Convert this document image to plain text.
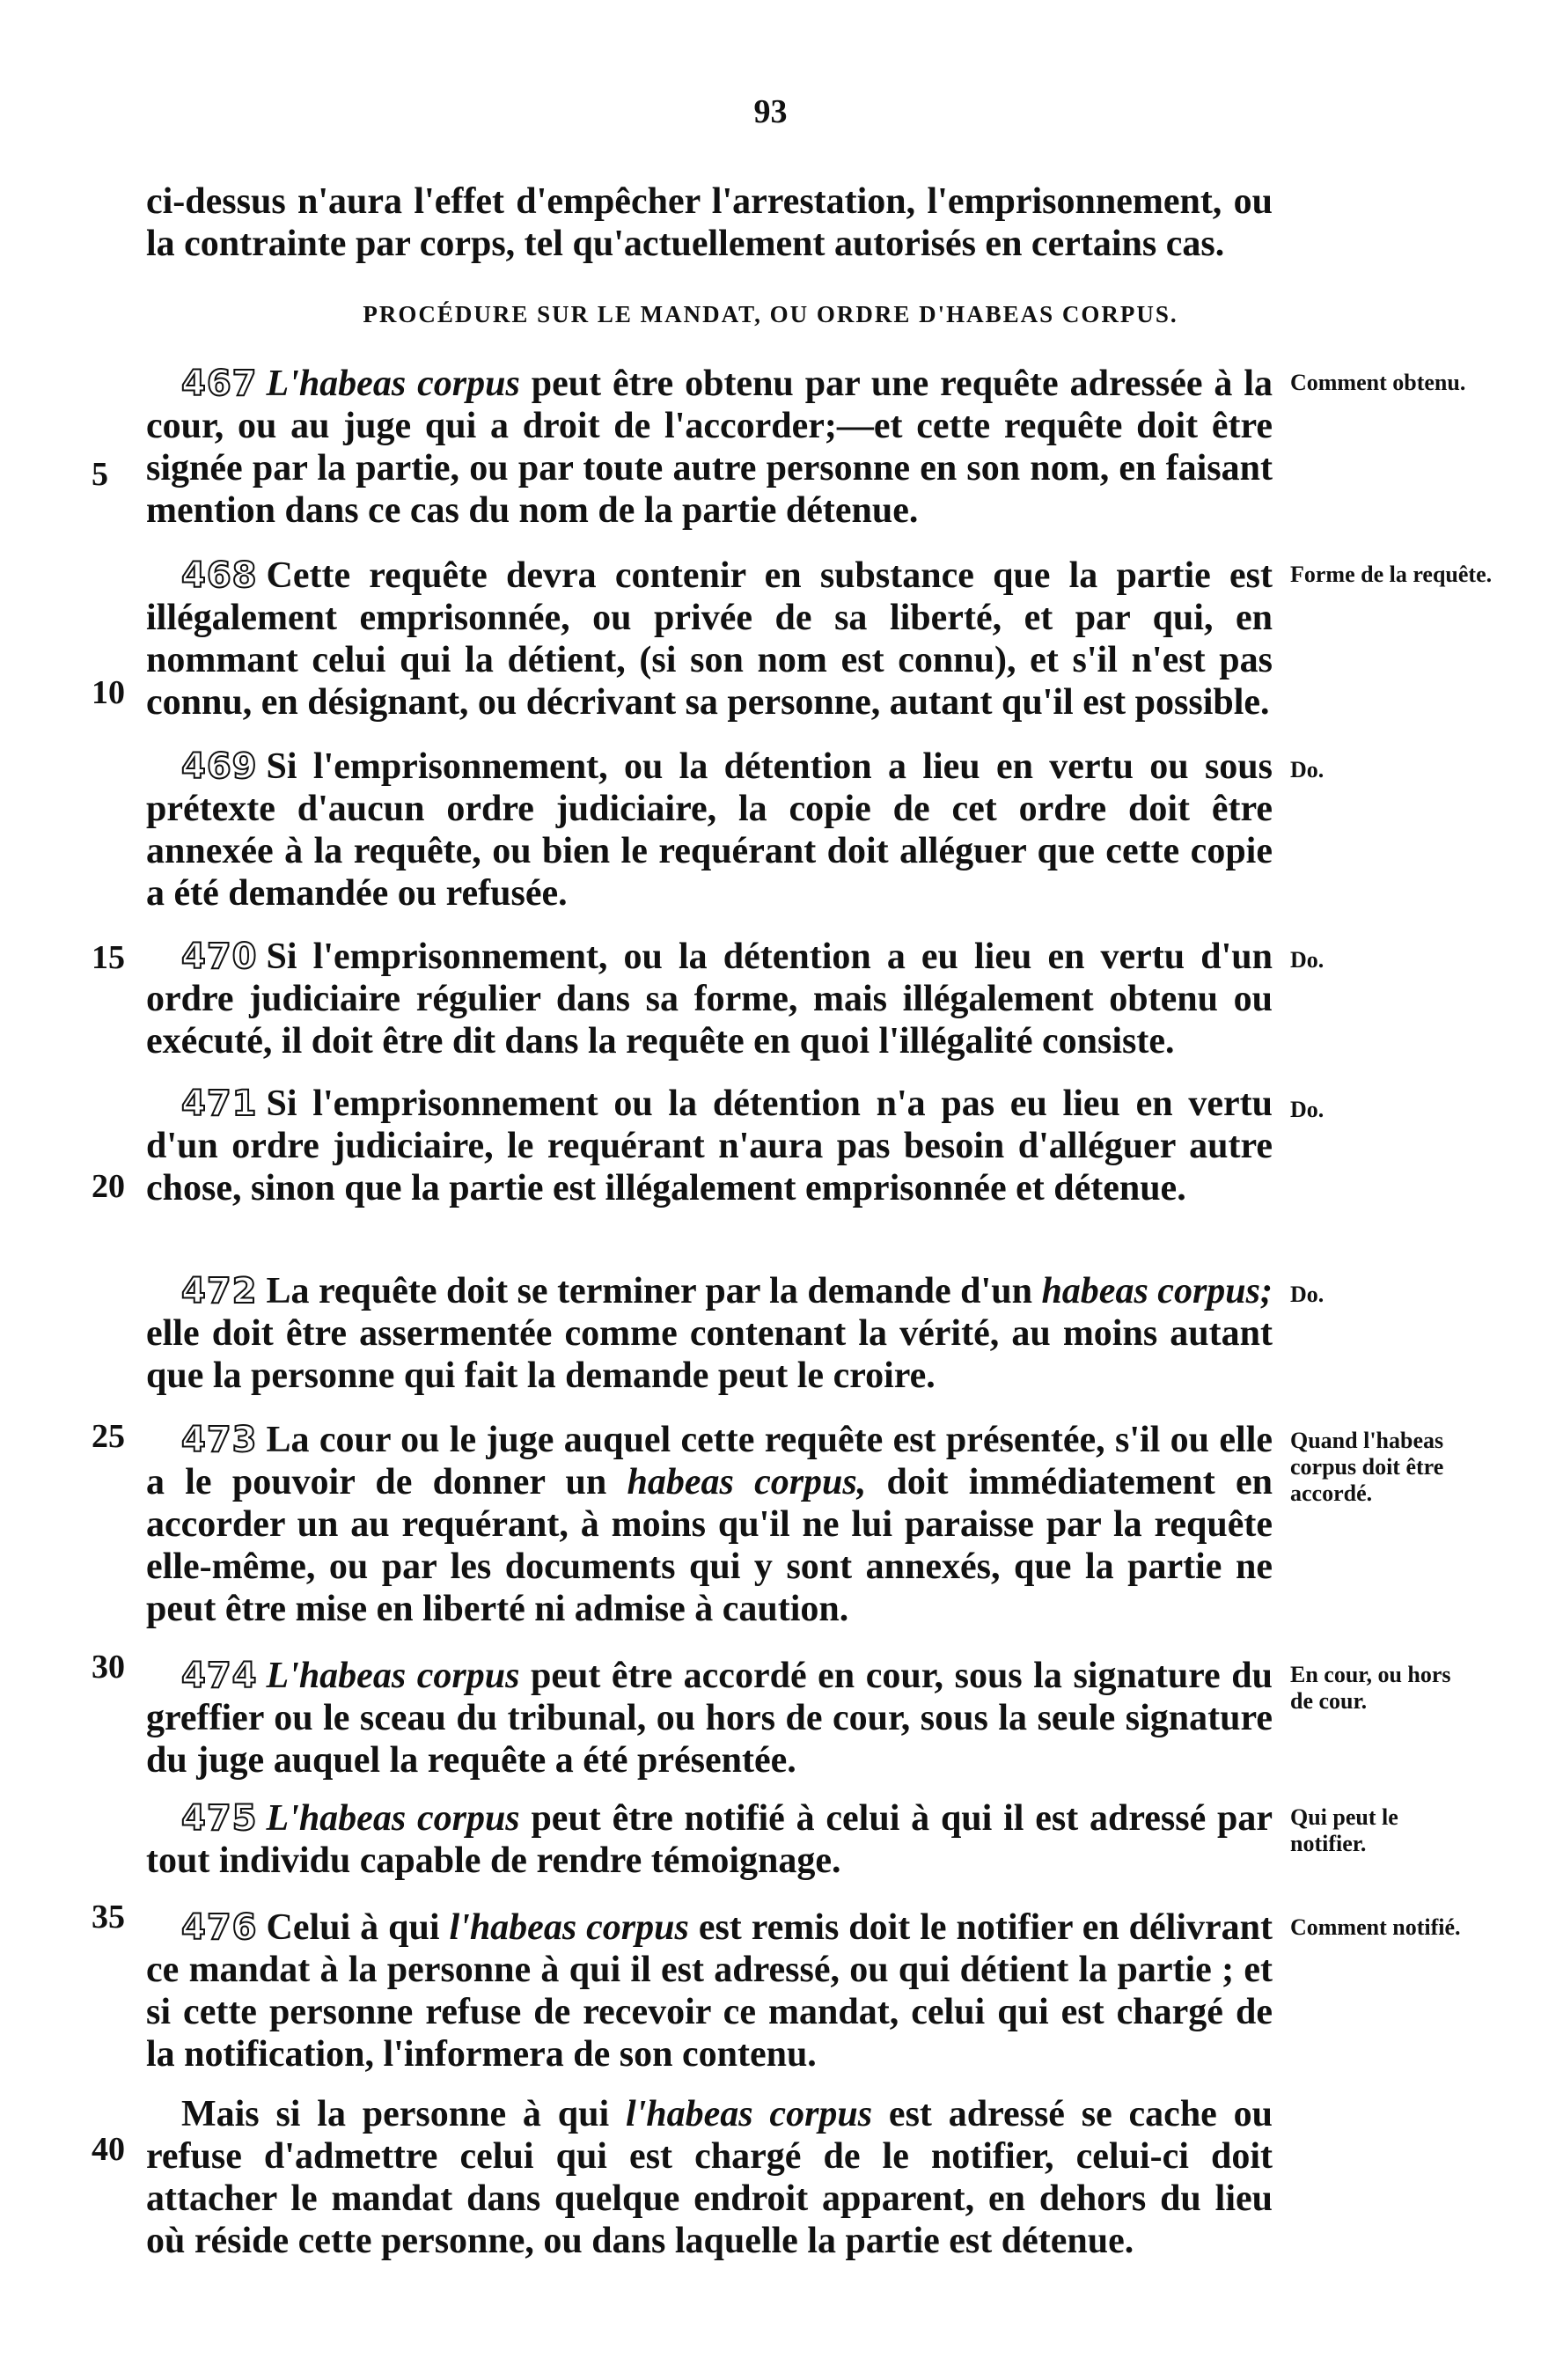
93
ci-dessus n'aura l'effet d'empêcher l'arrestation, l'emprisonnement, ou la contrainte par corps, tel qu'actuellement autorisés en certains cas.
PROCÉDURE SUR LE MANDAT, OU ORDRE D'HABEAS CORPUS.
467 L'habeas corpus peut être obtenu par une requête adressée à la cour, ou au juge qui a droit de l'accorder;—et cette requête doit être signée par la partie, ou par toute autre personne en son nom, en faisant mention dans ce cas du nom de la partie détenue.
Comment obtenu.
468 Cette requête devra contenir en substance que la partie est illégalement emprisonnée, ou privée de sa liberté, et par qui, en nommant celui qui la détient, (si son nom est connu), et s'il n'est pas connu, en désignant, ou décrivant sa personne, autant qu'il est possible.
Forme de la requête.
469 Si l'emprisonnement, ou la détention a lieu en vertu ou sous prétexte d'aucun ordre judiciaire, la copie de cet ordre doit être annexée à la requête, ou bien le requérant doit alléguer que cette copie a été demandée ou refusée.
Do.
470 Si l'emprisonnement, ou la détention a eu lieu en vertu d'un ordre judiciaire régulier dans sa forme, mais illégalement obtenu ou exécuté, il doit être dit dans la requête en quoi l'illégalité consiste.
Do.
471 Si l'emprisonnement ou la détention n'a pas eu lieu en vertu d'un ordre judiciaire, le requérant n'aura pas besoin d'alléguer autre chose, sinon que la partie est illégalement emprisonnée et détenue.
Do.
472 La requête doit se terminer par la demande d'un habeas corpus; elle doit être assermentée comme contenant la vérité, au moins autant que la personne qui fait la demande peut le croire.
Do.
473 La cour ou le juge auquel cette requête est présentée, s'il ou elle a le pouvoir de donner un habeas corpus, doit immédiatement en accorder un au requérant, à moins qu'il ne lui paraisse par la requête elle-même, ou par les documents qui y sont annexés, que la partie ne peut être mise en liberté ni admise à caution.
Quand l'habeas corpus doit être accordé.
474 L'habeas corpus peut être accordé en cour, sous la signature du greffier ou le sceau du tribunal, ou hors de cour, sous la seule signature du juge auquel la requête a été présentée.
En cour, ou hors de cour.
475 L'habeas corpus peut être notifié à celui à qui il est adressé par tout individu capable de rendre témoignage.
Qui peut le notifier.
476 Celui à qui l'habeas corpus est remis doit le notifier en délivrant ce mandat à la personne à qui il est adressé, ou qui détient la partie ; et si cette personne refuse de recevoir ce mandat, celui qui est chargé de la notification, l'informera de son contenu.
Comment notifié.
Mais si la personne à qui l'habeas corpus est adressé se cache ou refuse d'admettre celui qui est chargé de le notifier, celui-ci doit attacher le mandat dans quelque endroit apparent, en dehors du lieu où réside cette personne, ou dans laquelle la partie est détenue.
5
10
15
20
25
30
35
40
